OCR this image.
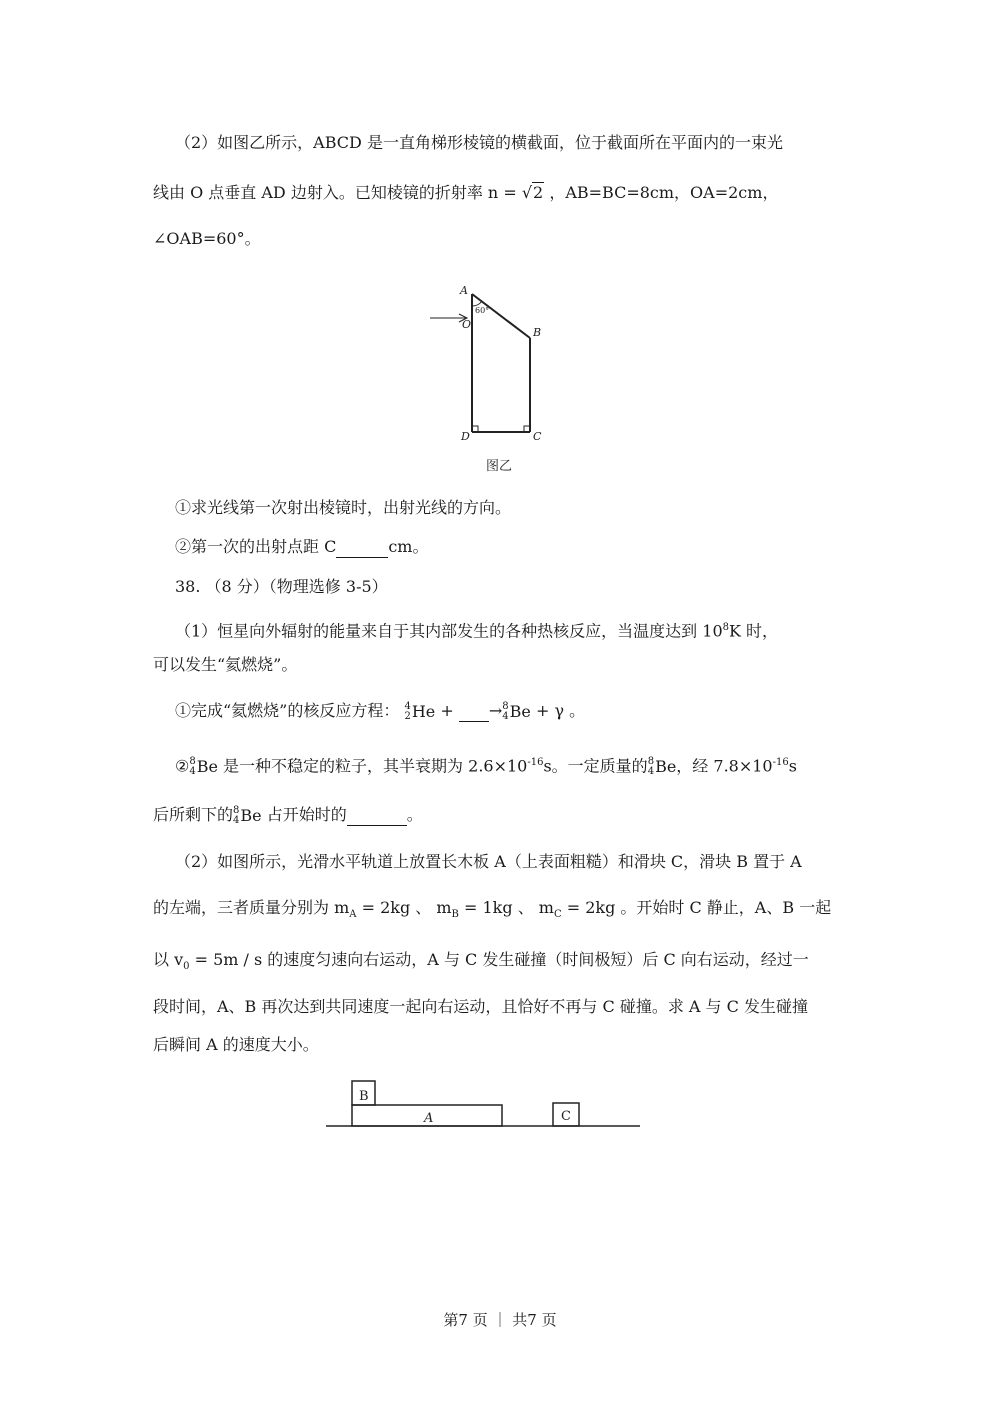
（2）如图乙所示，ABCD 是一直角梯形棱镜的横截面，位于截面所在平面内的一束光
线由 O 点垂直 AD 边射入。已知棱镜的折射率 n = √2 ，AB=BC=8cm，OA=2cm，
∠OAB=60°。
A
B
C
D
O
60°
图乙
①求光线第一次射出棱镜时，出射光线的方向。
②第一次的出射点距 C	cm。
38. （8 分）（物理选修 3-5）
（1）恒星向外辐射的能量来自于其内部发生的各种热核反应，当温度达到 $10^8K$ 时，
可以发生“氦燃烧”。
①完成“氦燃烧”的核反应方程： 4
2 He + → 8
4 Be + γ 。
② 8
4 Be 是一种不稳定的粒子，其半衰期为 $2.6\times 10^{-16}s$。一定质量的 8
4 Be ，经 $7.8\times 10^{-16}s$
后所剩下的 8
4 Be 占开始时的	。
（2）如图所示，光滑水平轨道上放置长木板 A（上表面粗糙）和滑块 C，滑块 B 置于 A
的左端，三者质量分别为 $m_A = 2kg$ 、 $m_B = 1kg$ 、 $m_C = 2kg$ 。开始时 C 静止，A、B 一起
以 $v_0 = 5m / s$ 的速度匀速向右运动，A 与 C 发生碰撞（时间极短）后 C 向右运动，经过一
段时间，A、B 再次达到共同速度一起向右运动，且恰好不再与 C 碰撞。求 A 与 C 发生碰撞
后瞬间 A 的速度大小。
A
B
C
第7 页 ｜ 共7 页
